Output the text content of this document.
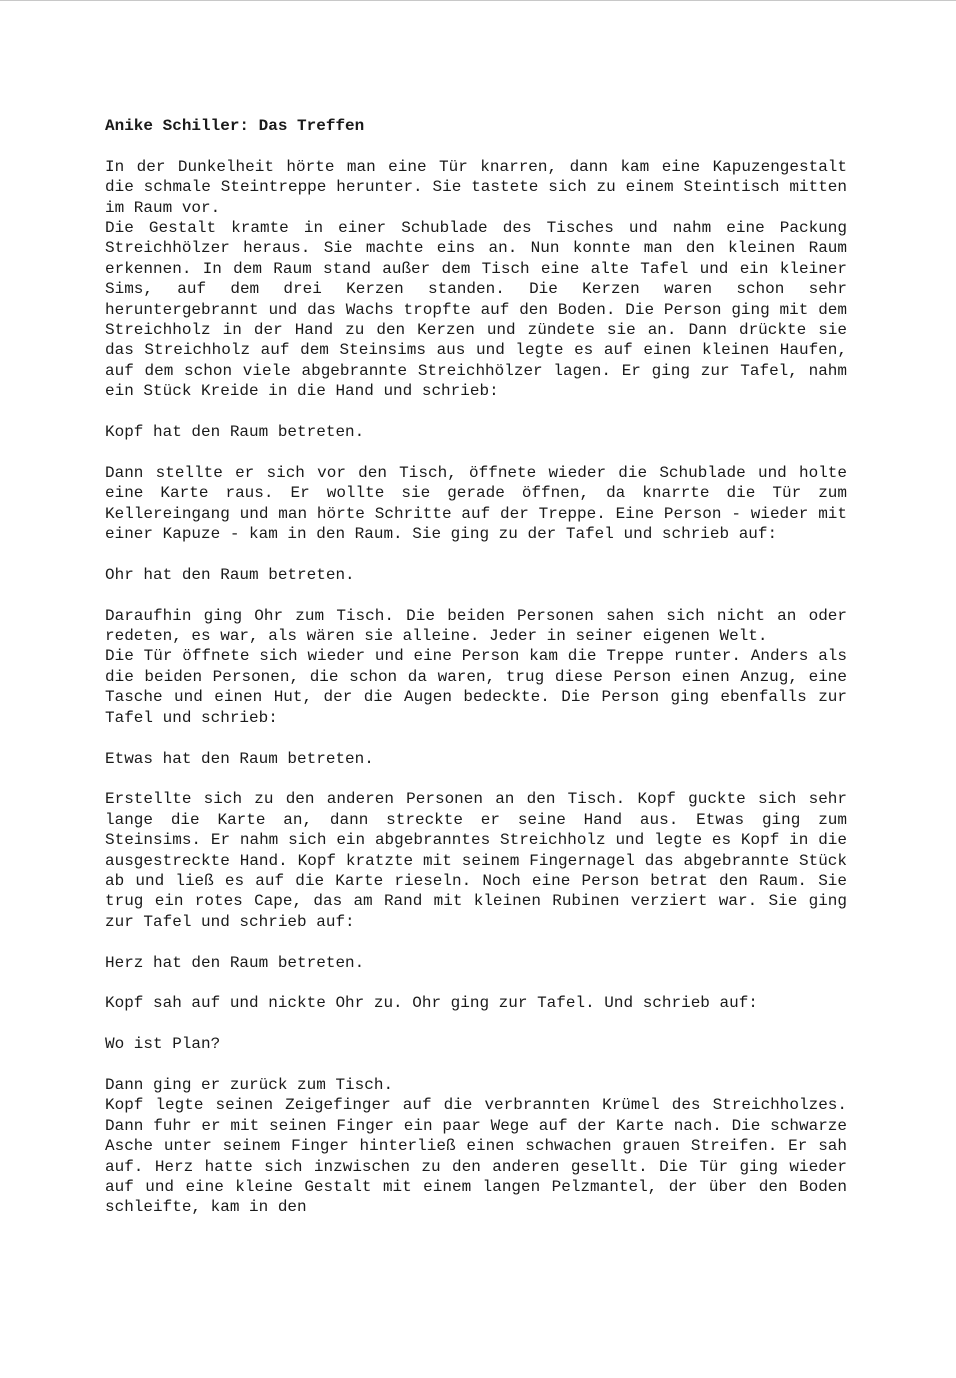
Anike Schiller: Das Treffen

In der Dunkelheit hörte man eine Tür knarren, dann kam eine Kapuzengestalt die schmale Steintreppe herunter. Sie tastete sich zu einem Steintisch mitten im Raum vor.
Die Gestalt kramte in einer Schublade des Tisches und nahm eine Packung Streichhölzer heraus. Sie machte eins an. Nun konnte man den kleinen Raum erkennen. In dem Raum stand außer dem Tisch eine alte Tafel und ein kleiner Sims, auf dem drei Kerzen standen. Die Kerzen waren schon sehr heruntergebrannt und das Wachs tropfte auf den Boden. Die Person ging mit dem Streichholz in der Hand zu den Kerzen und zündete sie an. Dann drückte sie das Streichholz auf dem Steinsims aus und legte es auf einen kleinen Haufen, auf dem schon viele abgebrannte Streichhölzer lagen. Er ging zur Tafel, nahm ein Stück Kreide in die Hand und schrieb:

Kopf hat den Raum betreten.

Dann stellte er sich vor den Tisch, öffnete wieder die Schublade und holte eine Karte raus. Er wollte sie gerade öffnen, da knarrte die Tür zum Kellereingang und man hörte Schritte auf der Treppe. Eine Person - wieder mit einer Kapuze - kam in den Raum. Sie ging zu der Tafel und schrieb auf:

Ohr hat den Raum betreten.

Daraufhin ging Ohr zum Tisch. Die beiden Personen sahen sich nicht an oder redeten, es war, als wären sie alleine. Jeder in seiner eigenen Welt.
Die Tür öffnete sich wieder und eine Person kam die Treppe runter. Anders als die beiden Personen, die schon da waren, trug diese Person einen Anzug, eine Tasche und einen Hut, der die Augen bedeckte. Die Person ging ebenfalls zur Tafel und schrieb:

Etwas hat den Raum betreten.

Erstellte sich zu den anderen Personen an den Tisch. Kopf guckte sich sehr lange die Karte an, dann streckte er seine Hand aus. Etwas ging zum Steinsims. Er nahm sich ein abgebranntes Streichholz und legte es Kopf in die ausgestreckte Hand. Kopf kratzte mit seinem Fingernagel das abgebrannte Stück ab und ließ es auf die Karte rieseln. Noch eine Person betrat den Raum. Sie trug ein rotes Cape, das am Rand mit kleinen Rubinen verziert war. Sie ging zur Tafel und schrieb auf:

Herz hat den Raum betreten.

Kopf sah auf und nickte Ohr zu. Ohr ging zur Tafel. Und schrieb auf:

Wo ist Plan?

Dann ging er zurück zum Tisch.
Kopf legte seinen Zeigefinger auf die verbrannten Krümel des Streichholzes. Dann fuhr er mit seinen Finger ein paar Wege auf der Karte nach. Die schwarze Asche unter seinem Finger hinterließ einen schwachen grauen Streifen. Er sah auf. Herz hatte sich inzwischen zu den anderen gesellt. Die Tür ging wieder auf und eine kleine Gestalt mit einem langen Pelzmantel, der über den Boden schleifte, kam in den
